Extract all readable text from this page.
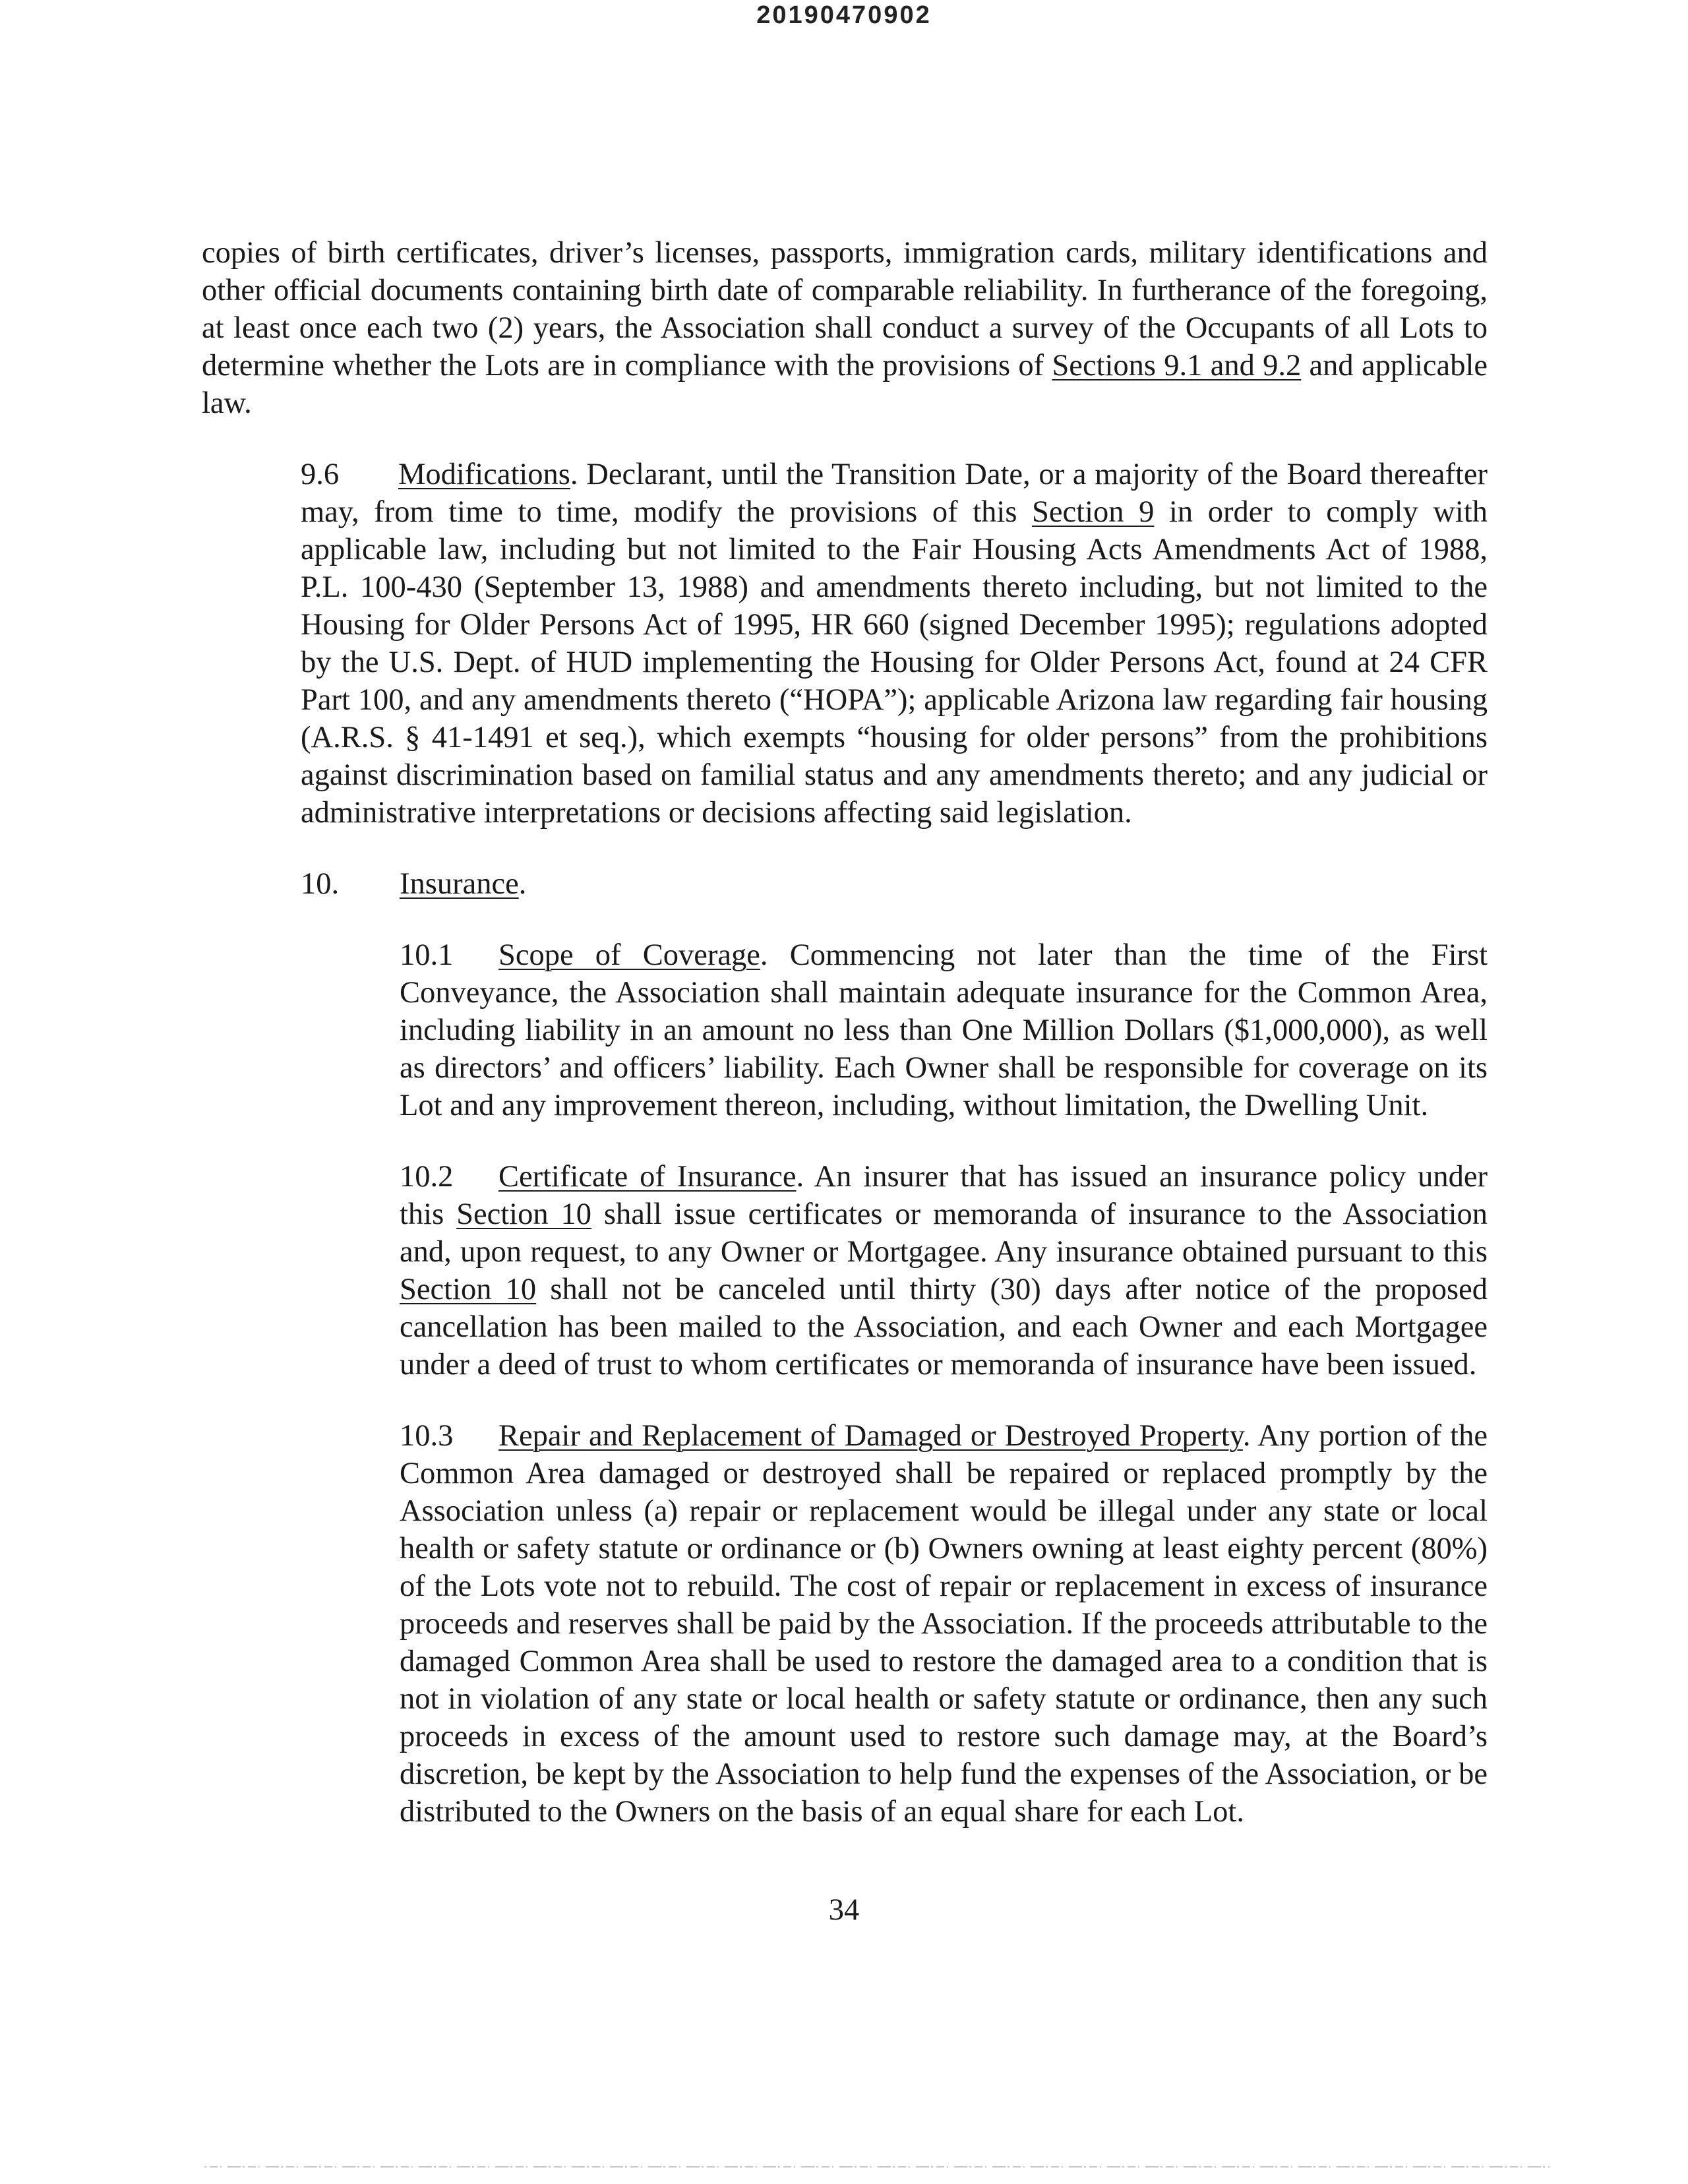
20190470902

copies of birth certificates, driver’s licenses, passports, immigration cards, military identifications and other official documents containing birth date of comparable reliability. In furtherance of the foregoing, at least once each two (2) years, the Association shall conduct a survey of the Occupants of all Lots to determine whether the Lots are in compliance with the provisions of Sections 9.1 and 9.2 and applicable law.

9.6 Modifications. Declarant, until the Transition Date, or a majority of the Board thereafter may, from time to time, modify the provisions of this Section 9 in order to comply with applicable law, including but not limited to the Fair Housing Acts Amendments Act of 1988, P.L. 100-430 (September 13, 1988) and amendments thereto including, but not limited to the Housing for Older Persons Act of 1995, HR 660 (signed December 1995); regulations adopted by the U.S. Dept. of HUD implementing the Housing for Older Persons Act, found at 24 CFR Part 100, and any amendments thereto (“HOPA”); applicable Arizona law regarding fair housing (A.R.S. § 41-1491 et seq.), which exempts “housing for older persons” from the prohibitions against discrimination based on familial status and any amendments thereto; and any judicial or administrative interpretations or decisions affecting said legislation.

10. Insurance.

10.1 Scope of Coverage. Commencing not later than the time of the First Conveyance, the Association shall maintain adequate insurance for the Common Area, including liability in an amount no less than One Million Dollars ($1,000,000), as well as directors’ and officers’ liability. Each Owner shall be responsible for coverage on its Lot and any improvement thereon, including, without limitation, the Dwelling Unit.

10.2 Certificate of Insurance. An insurer that has issued an insurance policy under this Section 10 shall issue certificates or memoranda of insurance to the Association and, upon request, to any Owner or Mortgagee. Any insurance obtained pursuant to this Section 10 shall not be canceled until thirty (30) days after notice of the proposed cancellation has been mailed to the Association, and each Owner and each Mortgagee under a deed of trust to whom certificates or memoranda of insurance have been issued.

10.3 Repair and Replacement of Damaged or Destroyed Property. Any portion of the Common Area damaged or destroyed shall be repaired or replaced promptly by the Association unless (a) repair or replacement would be illegal under any state or local health or safety statute or ordinance or (b) Owners owning at least eighty percent (80%) of the Lots vote not to rebuild. The cost of repair or replacement in excess of insurance proceeds and reserves shall be paid by the Association. If the proceeds attributable to the damaged Common Area shall be used to restore the damaged area to a condition that is not in violation of any state or local health or safety statute or ordinance, then any such proceeds in excess of the amount used to restore such damage may, at the Board’s discretion, be kept by the Association to help fund the expenses of the Association, or be distributed to the Owners on the basis of an equal share for each Lot.

34
